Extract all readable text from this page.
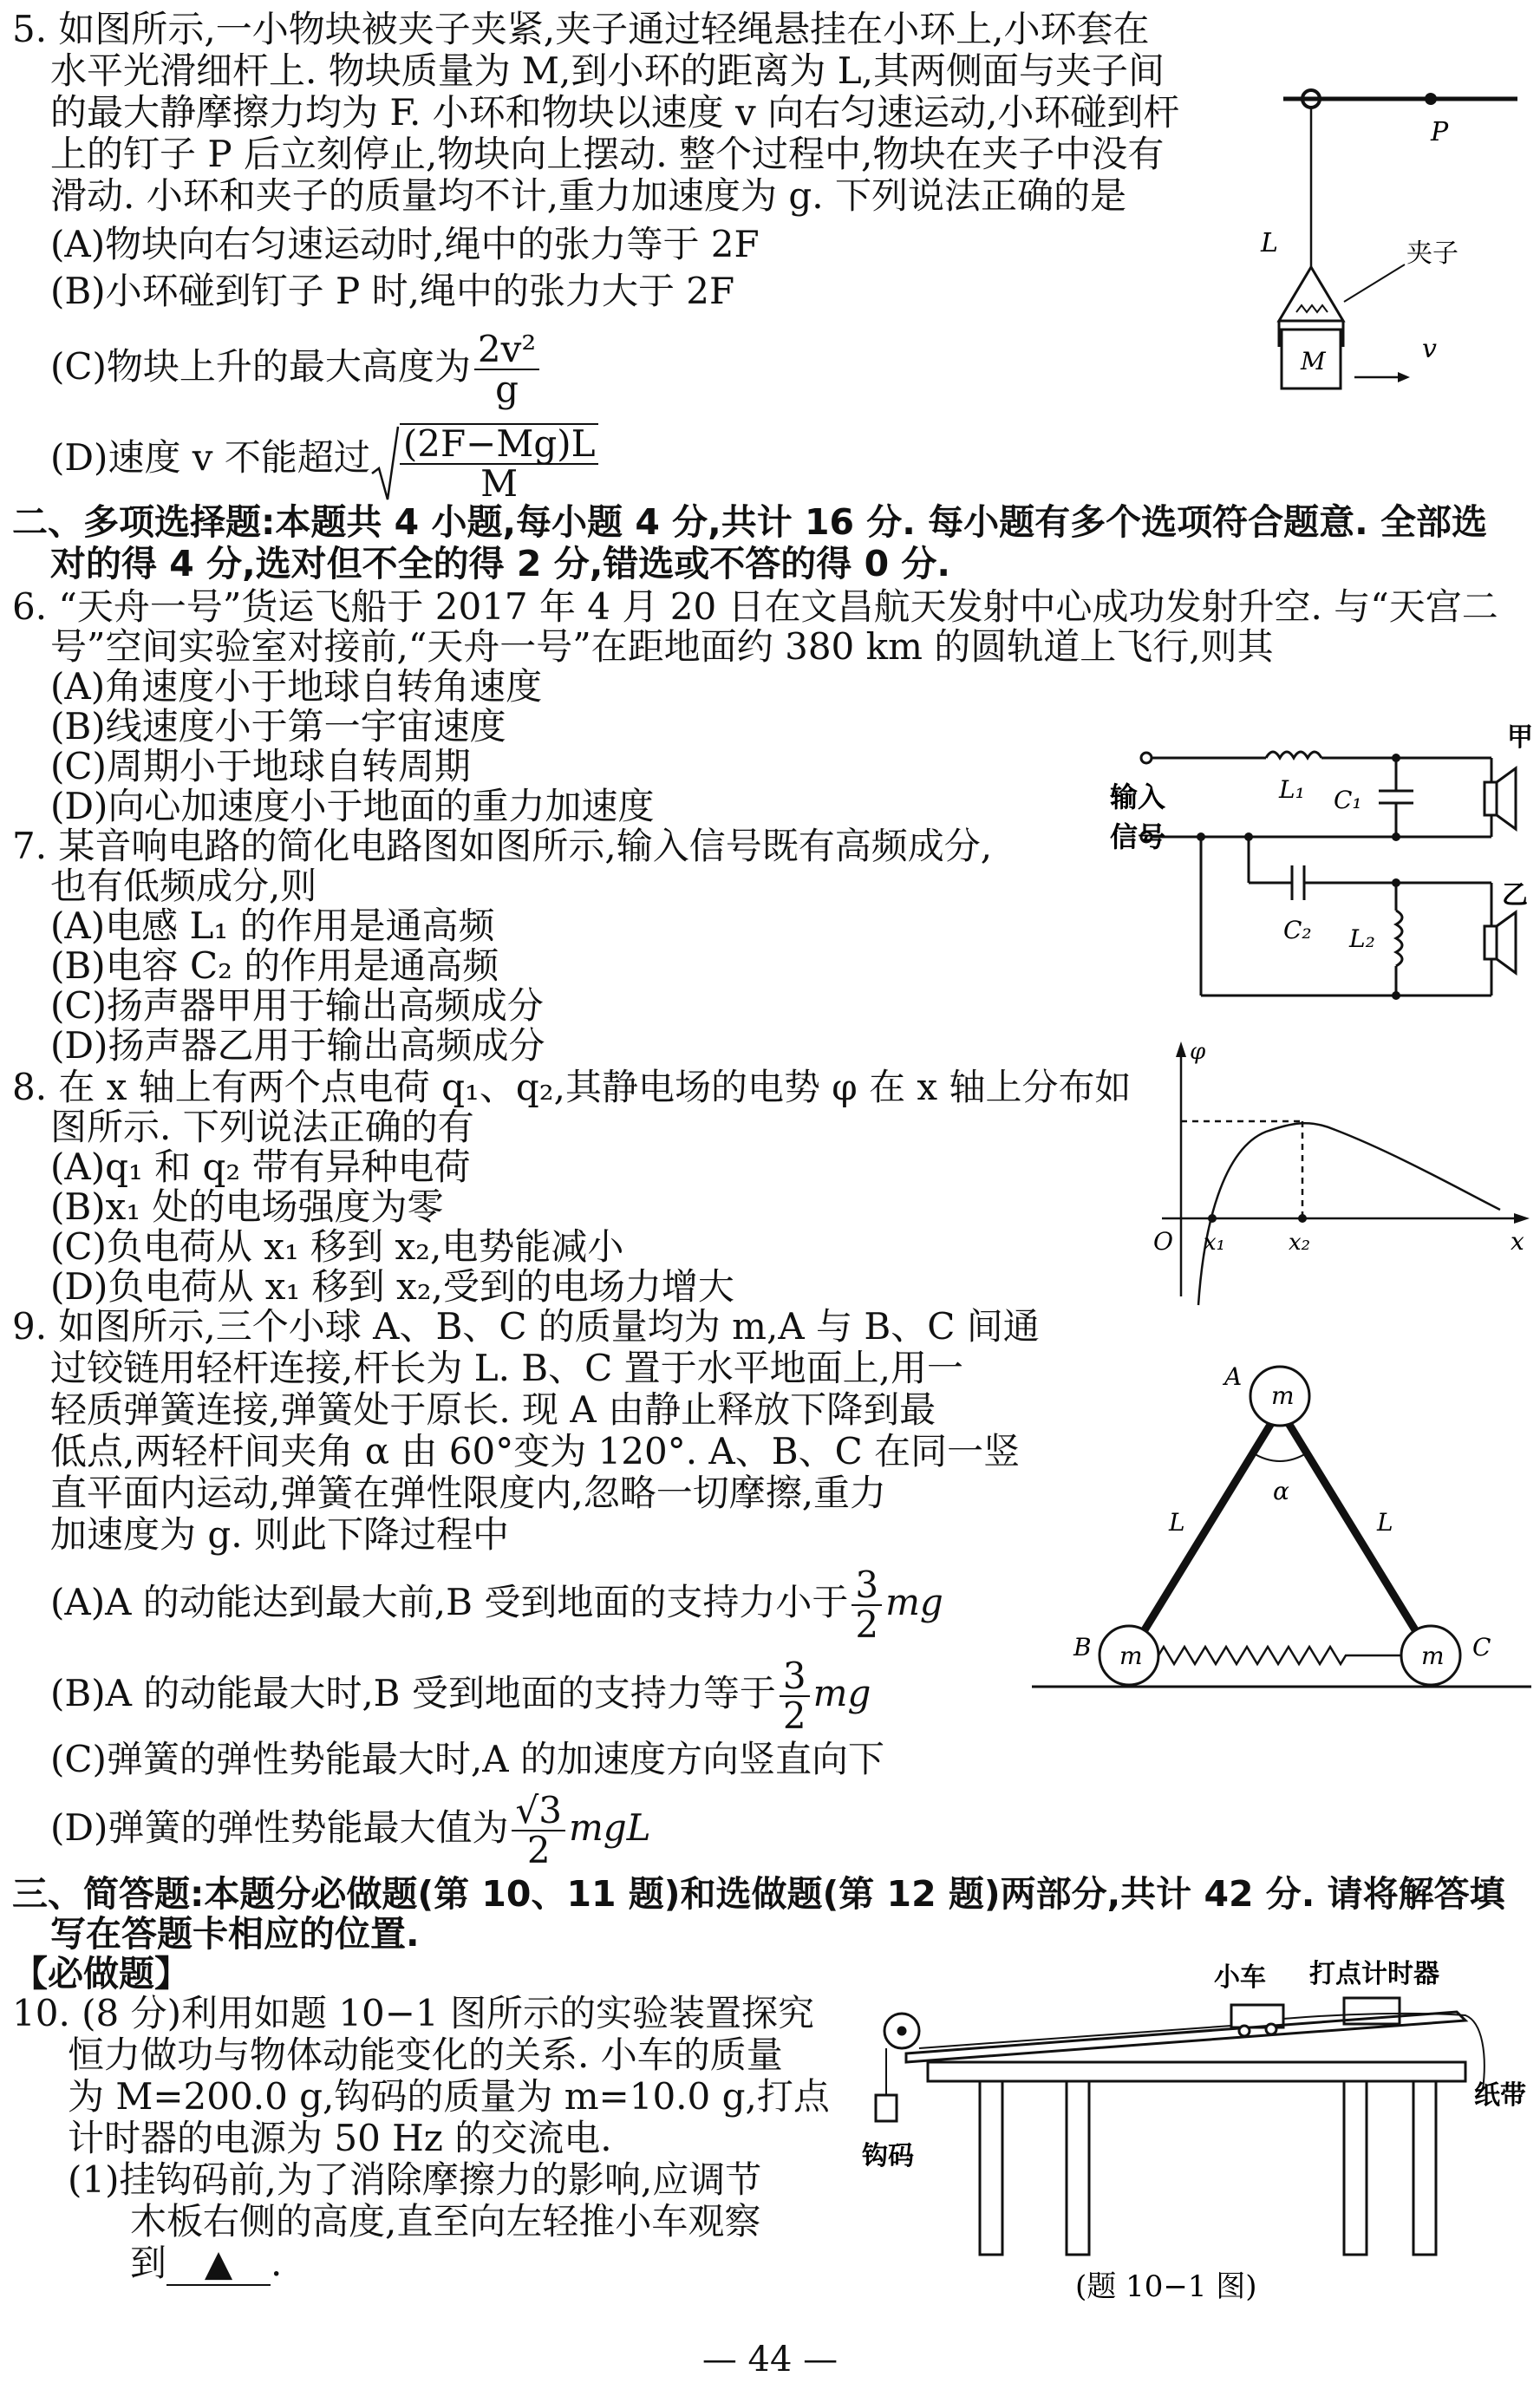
5. 如图所示,一小物块被夹子夹紧,夹子通过轻绳悬挂在小环上,小环套在
水平光滑细杆上. 物块质量为 M,到小环的距离为 L,其两侧面与夹子间
的最大静摩擦力均为 F. 小环和物块以速度 v 向右匀速运动,小环碰到杆
上的钉子 P 后立刻停止,物块向上摆动. 整个过程中,物块在夹子中没有
滑动. 小环和夹子的质量均不计,重力加速度为 g. 下列说法正确的是
(A)物块向右匀速运动时,绳中的张力等于 2F
(B)小环碰到钉子 P 时,绳中的张力大于 2F
(C)物块上升的最大高度为 $\frac{\text{2v²}}{g}$
(D)速度 v 不能超过 $\frac{(2F-Mg)L}{M}$
P
L
M
夹子
v
二、多项选择题:本题共 4 小题,每小题 4 分,共计 16 分. 每小题有多个选项符合题意. 全部选
对的得 4 分,选对但不全的得 2 分,错选或不答的得 0 分.
6. “天舟一号”货运飞船于 2017 年 4 月 20 日在文昌航天发射中心成功发射升空. 与“天宫二
号”空间实验室对接前,“天舟一号”在距地面约 380 km 的圆轨道上飞行,则其
(A)角速度小于地球自转角速度
(B)线速度小于第一宇宙速度
(C)周期小于地球自转周期
(D)向心加速度小于地面的重力加速度
7. 某音响电路的简化电路图如图所示,输入信号既有高频成分,
也有低频成分,则
(A)电感 L₁ 的作用是通高频
(B)电容 C₂ 的作用是通高频
(C)扬声器甲用于输出高频成分
(D)扬声器乙用于输出高频成分
输入
信号
L₁ C₁
C₂ L₂
甲
乙
8. 在 x 轴上有两个点电荷 q₁、q₂,其静电场的电势 φ 在 x 轴上分布如
图所示. 下列说法正确的有
(A)q₁ 和 q₂ 带有异种电荷
(B)x₁ 处的电场强度为零
(C)负电荷从 x₁ 移到 x₂,电势能减小
(D)负电荷从 x₁ 移到 x₂,受到的电场力增大
φ
O x₁	x₂	x
9. 如图所示,三个小球 A、B、C 的质量均为 m,A 与 B、C 间通
过铰链用轻杆连接,杆长为 L. B、C 置于水平地面上,用一
轻质弹簧连接,弹簧处于原长. 现 A 由静止释放下降到最
低点,两轻杆间夹角 α 由 60°变为 120°. A、B、C 在同一竖
直平面内运动,弹簧在弹性限度内,忽略一切摩擦,重力
加速度为 g. 则此下降过程中
(A)A 的动能达到最大前,B 受到地面的支持力小于 $\frac{3}{2}$ mg
(B)A 的动能最大时,B 受到地面的支持力等于 $\frac{3}{2}$ mg
(C)弹簧的弹性势能最大时,A 的加速度方向竖直向下
(D)弹簧的弹性势能最大值为 $\frac{√3}{2}$ mgL
m
m	m
A
B	C
L	L
α
三、简答题:本题分必做题(第 10、11 题)和选做题(第 12 题)两部分,共计 42 分. 请将解答填
写在答题卡相应的位置.
【必做题】
10. (8 分)利用如题 10−1 图所示的实验装置探究
恒力做功与物体动能变化的关系. 小车的质量
为 M=200.0 g,钩码的质量为 m=10.0 g,打点
计时器的电源为 50 Hz 的交流电.
(1)挂钩码前,为了消除摩擦力的影响,应调节
木板右侧的高度,直至向左轻推小车观察
到 ▲ .
小车 打点计时器
纸带
钩码
(题 10−1 图)
— 44 —
